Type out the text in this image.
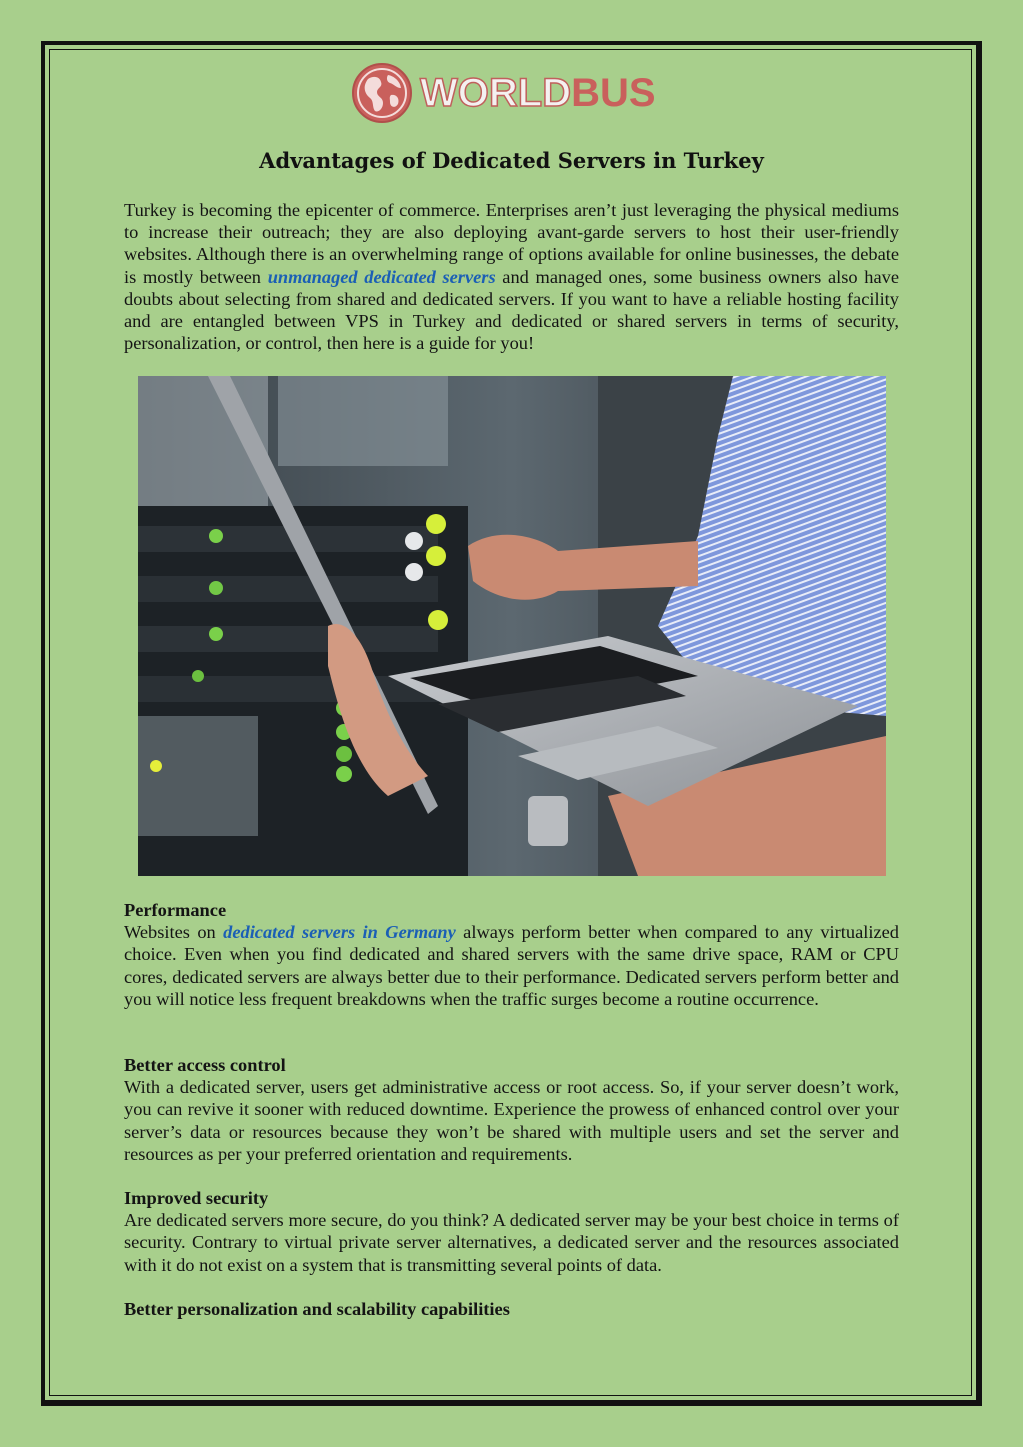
WORLDBUS
Advantages of Dedicated Servers in Turkey
Turkey is becoming the epicenter of commerce. Enterprises aren’t just leveraging the physical mediums to increase their outreach; they are also deploying avant-garde servers to host their user-friendly websites. Although there is an overwhelming range of options available for online businesses, the debate is mostly between unmanaged dedicated servers and managed ones, some business owners also have doubts about selecting from shared and dedicated servers. If you want to have a reliable hosting facility and are entangled between VPS in Turkey and dedicated or shared servers in terms of security, personalization, or control, then here is a guide for you!
Performance
Websites on dedicated servers in Germany always perform better when compared to any virtualized choice. Even when you find dedicated and shared servers with the same drive space, RAM or CPU cores, dedicated servers are always better due to their performance. Dedicated servers perform better and you will notice less frequent breakdowns when the traffic surges become a routine occurrence.
Better access control
With a dedicated server, users get administrative access or root access. So, if your server doesn’t work, you can revive it sooner with reduced downtime. Experience the prowess of enhanced control over your server’s data or resources because they won’t be shared with multiple users and set the server and resources as per your preferred orientation and requirements.
Improved security
Are dedicated servers more secure, do you think? A dedicated server may be your best choice in terms of security. Contrary to virtual private server alternatives, a dedicated server and the resources associated with it do not exist on a system that is transmitting several points of data.
Better personalization and scalability capabilities
